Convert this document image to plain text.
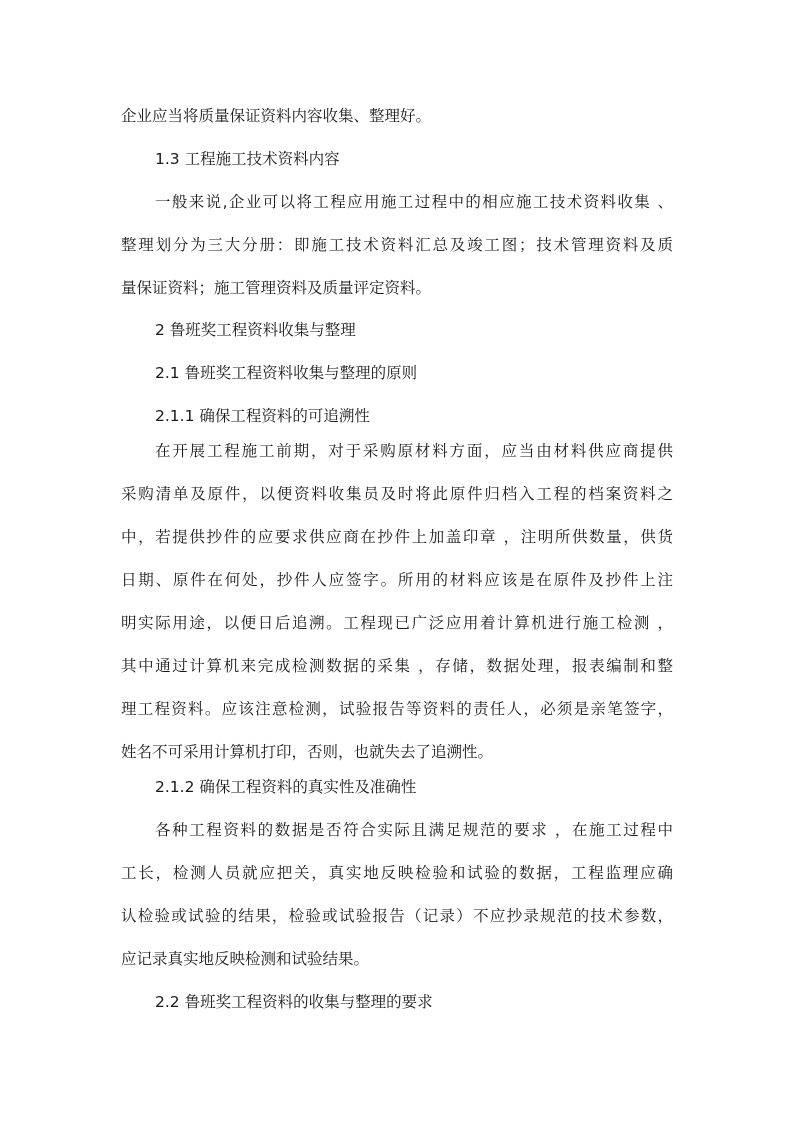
企业应当将质量保证资料内容收集、整理好。

1.3 工程施工技术资料内容

一般来说,企业可以将工程应用施工过程中的相应施工技术资料收集 、

整理划分为三大分册：即施工技术资料汇总及竣工图；技术管理资料及质

量保证资料；施工管理资料及质量评定资料。

2 鲁班奖工程资料收集与整理

2.1 鲁班奖工程资料收集与整理的原则

2.1.1 确保工程资料的可追溯性

在开展工程施工前期，对于采购原材料方面，应当由材料供应商提供

采购清单及原件，以便资料收集员及时将此原件归档入工程的档案资料之

中，若提供抄件的应要求供应商在抄件上加盖印章 ，注明所供数量，供货

日期、原件在何处，抄件人应签字。所用的材料应该是在原件及抄件上注

明实际用途，以便日后追溯。工程现已广泛应用着计算机进行施工检测 ，

其中通过计算机来完成检测数据的采集 ，存储，数据处理，报表编制和整

理工程资料。应该注意检测，试验报告等资料的责任人，必须是亲笔签字，

姓名不可采用计算机打印，否则，也就失去了追溯性。

2.1.2 确保工程资料的真实性及准确性

各种工程资料的数据是否符合实际且满足规范的要求 ，在施工过程中

工长，检测人员就应把关，真实地反映检验和试验的数据，工程监理应确

认检验或试验的结果，检验或试验报告（记录）不应抄录规范的技术参数，

应记录真实地反映检测和试验结果。

2.2 鲁班奖工程资料的收集与整理的要求
